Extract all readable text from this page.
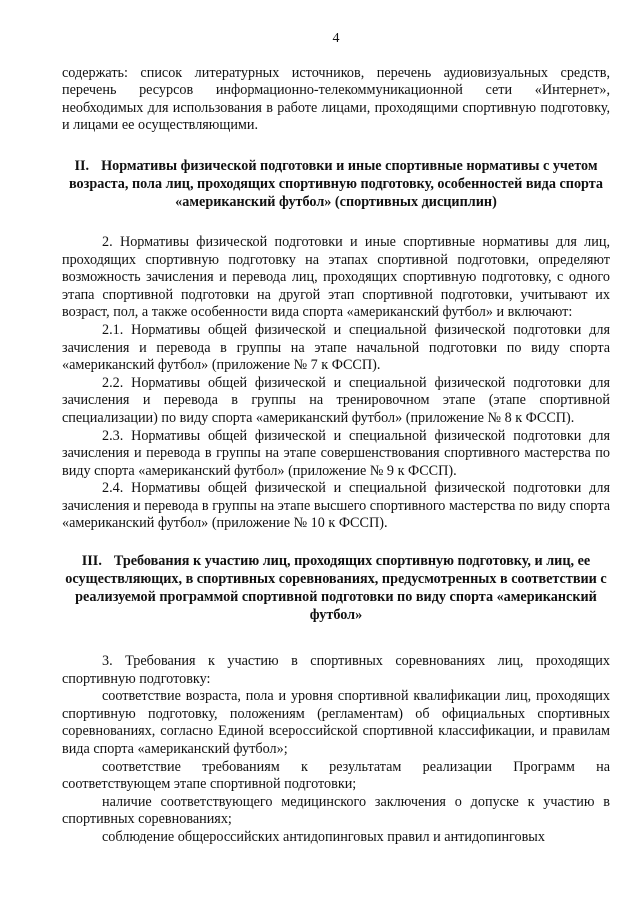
4

содержать: список литературных источников, перечень аудиовизуальных средств, перечень ресурсов информационно-телекоммуникационной сети «Интернет», необходимых для использования в работе лицами, проходящими спортивную подготовку, и лицами ее осуществляющими.

II. Нормативы физической подготовки и иные спортивные нормативы с учетом возраста, пола лиц, проходящих спортивную подготовку, особенностей вида спорта «американский футбол» (спортивных дисциплин)

2. Нормативы физической подготовки и иные спортивные нормативы для лиц, проходящих спортивную подготовку на этапах спортивной подготовки, определяют возможность зачисления и перевода лиц, проходящих спортивную подготовку, с одного этапа спортивной подготовки на другой этап спортивной подготовки, учитывают их возраст, пол, а также особенности вида спорта «американский футбол» и включают:

2.1. Нормативы общей физической и специальной физической подготовки для зачисления и перевода в группы на этапе начальной подготовки по виду спорта «американский футбол» (приложение № 7 к ФССП).

2.2. Нормативы общей физической и специальной физической подготовки для зачисления и перевода в группы на тренировочном этапе (этапе спортивной специализации) по виду спорта «американский футбол» (приложение № 8 к ФССП).

2.3. Нормативы общей физической и специальной физической подготовки для зачисления и перевода в группы на этапе совершенствования спортивного мастерства по виду спорта «американский футбол» (приложение № 9 к ФССП).

2.4. Нормативы общей физической и специальной физической подготовки для зачисления и перевода в группы на этапе высшего спортивного мастерства по виду спорта «американский футбол» (приложение № 10 к ФССП).

III. Требования к участию лиц, проходящих спортивную подготовку, и лиц, ее осуществляющих, в спортивных соревнованиях, предусмотренных в соответствии с реализуемой программой спортивной подготовки по виду спорта «американский футбол»

3. Требования к участию в спортивных соревнованиях лиц, проходящих спортивную подготовку:

соответствие возраста, пола и уровня спортивной квалификации лиц, проходящих спортивную подготовку, положениям (регламентам) об официальных спортивных соревнованиях, согласно Единой всероссийской спортивной классификации, и правилам вида спорта «американский футбол»;

соответствие требованиям к результатам реализации Программ на соответствующем этапе спортивной подготовки;

наличие соответствующего медицинского заключения о допуске к участию в спортивных соревнованиях;

соблюдение общероссийских антидопинговых правил и антидопинговых
